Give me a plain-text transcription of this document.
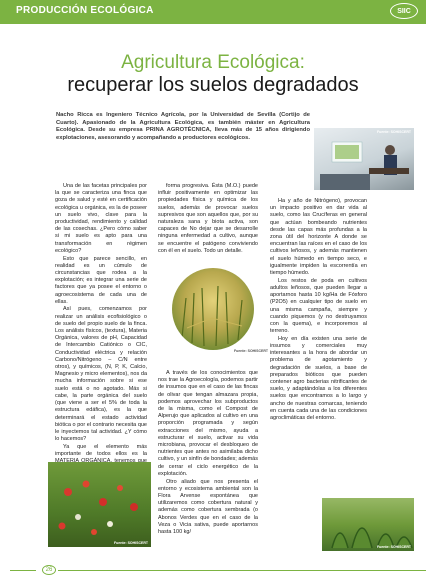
PRODUCCIÓN ECOLÓGICA	SIIC
Agricultura Ecológica:
recuperar los suelos degradados
Nacho Ricca es Ingeniero Técnico Agrícola, por la Universidad de Sevilla (Cortijo de Cuarto). Apasionado de la Agricultura Ecológica, es también máster en Agricultura Ecológica. Desde su empresa PRINA AGROTÉCNICA, lleva más de 15 años dirigiendo explotaciones, asesorando y acompañando a productores ecológicos.
Fuente: SOHISCERT

Una de las facetas principales por la que se caracteriza una finca que goza de salud y esté en certificación ecológica u orgánica, es la de poseer un suelo vivo, clave para la productividad, rendimiento y calidad de las cosechas. ¿Pero cómo saber si mi suelo es apto para una transformación en régimen ecológico?

Esto que parece sencillo, en realidad es un cúmulo de circunstancias que rodea a la explotación; es integrar una serie de factores que ya posee el entorno o agroecosistema de cada una de ellas.

Así pues, comenzamos por realizar un análisis ecofisiológico o de suelo del propio suelo de la finca. Los análisis físicos, (textura), Materia Orgánica, valores de pH, Capacidad de Intercambio Catiónico o CIC, Conductividad eléctrica y relación Carbono/Nitrógeno – C/N entre otros), y químicos, (N, P, K, Calcio, Magnesio y micro elementos), nos da mucha información sobre si ese suelo está o no agotado. Más si cabe, la parte orgánica del suelo (que viene a ser el 5% de toda la estructura edáfica), es la que determinará el estado actividad biótica o por el contrario necesita que le inyectemos tal actividad. ¿Y cómo lo hacemos?

Ya que el elemento más importante de todos ellos es la

forma progresiva. Ésta (M.O.) puede influir positivamente en optimizar las propiedades física y química de los suelos, además de provocar suelos supresivos que son aquellos que, por su naturaleza sana y biota activa, son capaces de No dejar que se desarrolle ninguna enfermedad a cultivo, aunque se encuentre el patógeno conviviendo con él en el suelo. Todo un detalle.

Fuente: SOHISCERT

A través de los conocimientos que nos trae la Agroecología, podemos partir de insumos que en el caso de las fincas de olivar que tengan almazara propia, podemos aprovechar los subproductos de la misma, como el Compost de Alperujo que aplicados al cultivo en una proporción programada y según extracciones del mismo, ayuda a estructurar el suelo, activar su vida microbiana, provocar el desbloqueo de nutrientes que antes no asimilaba dicho cultivo, y un sinfín de bondades; además de cerrar el ciclo energético de la explotación.

Otro aliado que nos presenta el entorno y ecosistema ambiental son la Flora Arvense espontánea que utilizaremos como cobertura natural y además como cobertura sembrada (o Abonos Verdes que en el caso de la Veza o Vicia sativa, puede aportarnos hasta 100 kg/

Ha y año de Nitrógeno), provocan un impacto positivo en dar vida al suelo, como las Crucíferas en general que actúan bombeando nutrientes desde las capas más profundas a la zona útil del horizonte A donde se encuentran las raíces en el caso de los cultivos leñosos, y además mantienen el suelo húmedo en tiempo seco, e igualmente impiden la escorrentía en tiempo húmedo.

Los restos de poda en cultivos adultos leñosos, que pueden llegar a aportarnos hasta 10 kg/Ha de Fósforo (P2O5) en cualquier tipo de suelo en una misma campaña, siempre y cuando piquemos (y no destruyamos con la quema), e incorporemos al terreno.

Hoy en día existen una serie de insumos y comerciales muy interesantes a la hora de abordar un problema de agotamiento y degradación de suelos, a base de preparados bióticos que pueden contener agro bacterias nitrificantes de suelo, y adaptándolas a los diferentes suelos que encontramos a lo largo y ancho de nuestras comarcas, teniendo en cuenta cada una de las condiciones agroclimáticas del entorno.

Fuente: SOHISCERT
Fuente: SOHISCERT
26
